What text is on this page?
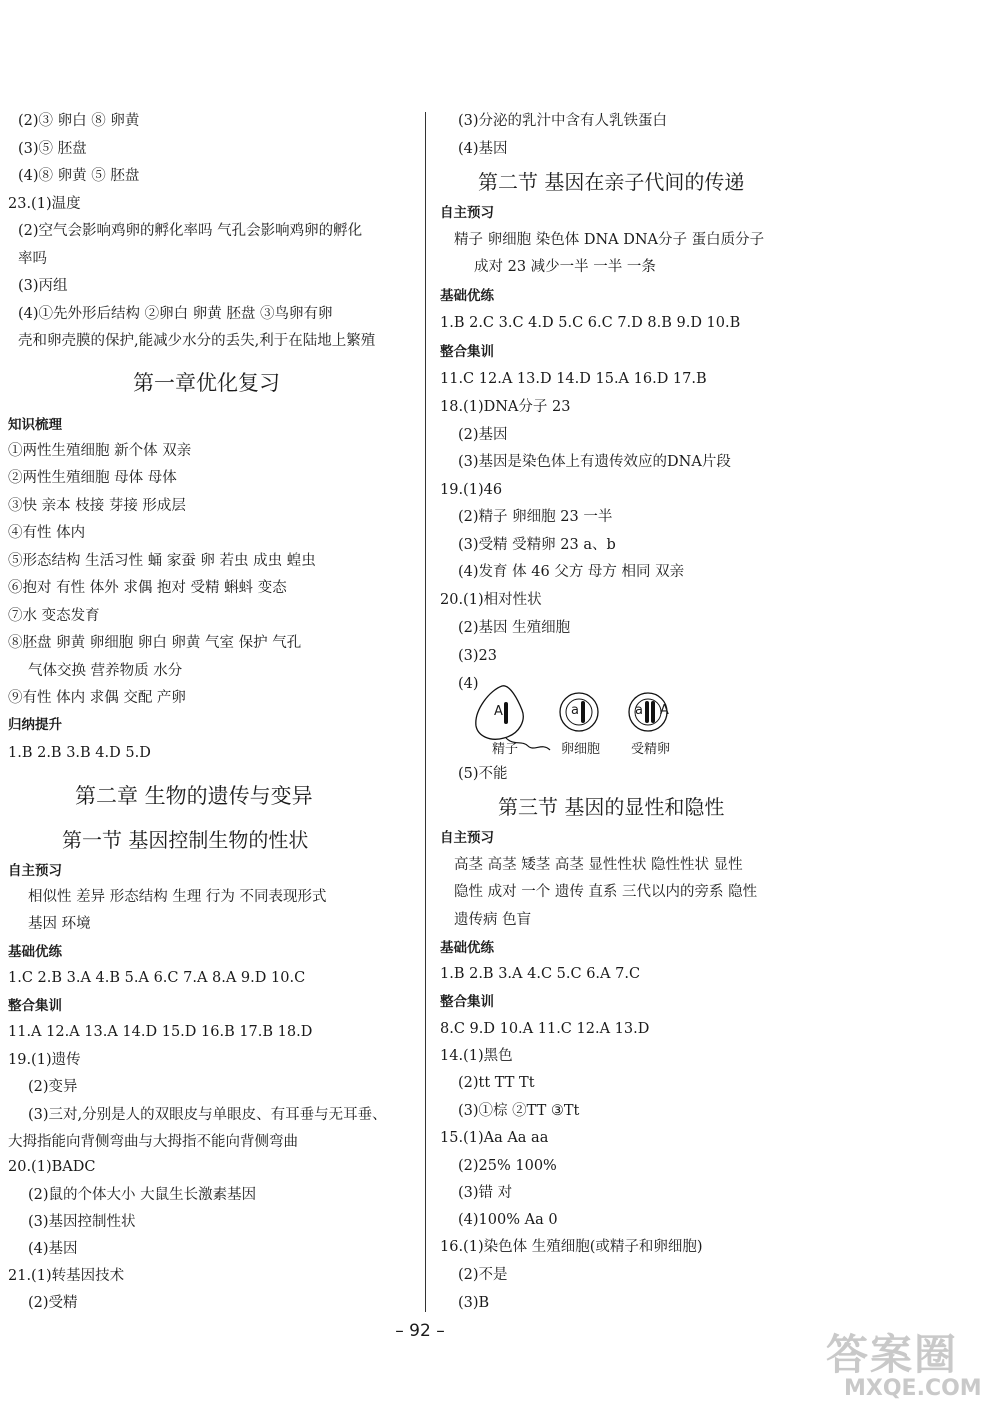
(2)③ 卵白 ⑧ 卵黄
(3)⑤ 胚盘
(4)⑧ 卵黄 ⑤ 胚盘
23.(1)温度
(2)空气会影响鸡卵的孵化率吗 气孔会影响鸡卵的孵化
率吗
(3)丙组
(4)①先外形后结构 ②卵白 卵黄 胚盘 ③鸟卵有卵
壳和卵壳膜的保护,能减少水分的丢失,利于在陆地上繁殖
第一章优化复习
知识梳理
①两性生殖细胞 新个体 双亲
②两性生殖细胞 母体 母体
③快 亲本 枝接 芽接 形成层
④有性 体内
⑤形态结构 生活习性 蛹 家蚕 卵 若虫 成虫 蝗虫
⑥抱对 有性 体外 求偶 抱对 受精 蝌蚪 变态
⑦水 变态发育
⑧胚盘 卵黄 卵细胞 卵白 卵黄 气室 保护 气孔
气体交换 营养物质 水分
⑨有性 体内 求偶 交配 产卵
归纳提升
1.B 2.B 3.B 4.D 5.D
第二章 生物的遗传与变异
第一节 基因控制生物的性状
自主预习
相似性 差异 形态结构 生理 行为 不同表现形式
基因 环境
基础优练
1.C 2.B 3.A 4.B 5.A 6.C 7.A 8.A 9.D 10.C
整合集训
11.A 12.A 13.A 14.D 15.D 16.B 17.B 18.D
19.(1)遗传
(2)变异
(3)三对,分别是人的双眼皮与单眼皮、有耳垂与无耳垂、
大拇指能向背侧弯曲与大拇指不能向背侧弯曲
20.(1)BADC
(2)鼠的个体大小 大鼠生长激素基因
(3)基因控制性状
(4)基因
21.(1)转基因技术
(2)受精
(3)分泌的乳汁中含有人乳铁蛋白
(4)基因
第二节 基因在亲子代间的传递
自主预习
精子 卵细胞 染色体 DNA DNA分子 蛋白质分子
成对 23 减少一半 一半 一条
基础优练
1.B 2.C 3.C 4.D 5.C 6.C 7.D 8.B 9.D 10.B
整合集训
11.C 12.A 13.D 14.D 15.A 16.D 17.B
18.(1)DNA分子 23
(2)基因
(3)基因是染色体上有遗传效应的DNA片段
19.(1)46
(2)精子 卵细胞 23 一半
(3)受精 受精卵 23 a、b
(4)发育 体 46 父方 母方 相同 双亲
20.(1)相对性状
(2)基因 生殖细胞
(3)23
(4)
(5)不能
第三节 基因的显性和隐性
自主预习
高茎 高茎 矮茎 高茎 显性性状 隐性性状 显性
隐性 成对 一个 遗传 直系 三代以内的旁系 隐性
遗传病 色盲
基础优练
1.B 2.B 3.A 4.C 5.C 6.A 7.C
整合集训
8.C 9.D 10.A 11.C 12.A 13.D
14.(1)黑色
(2)tt TT Tt
(3)①棕 ②TT ③Tt
15.(1)Aa Aa aa
(2)25% 100%
(3)错 对
(4)100% Aa 0
16.(1)染色体 生殖细胞(或精子和卵细胞)
(2)不是
(3)B
A	a	a A
精子	卵细胞 受精卵
– 92 –	答案圈
MXQE.COM
